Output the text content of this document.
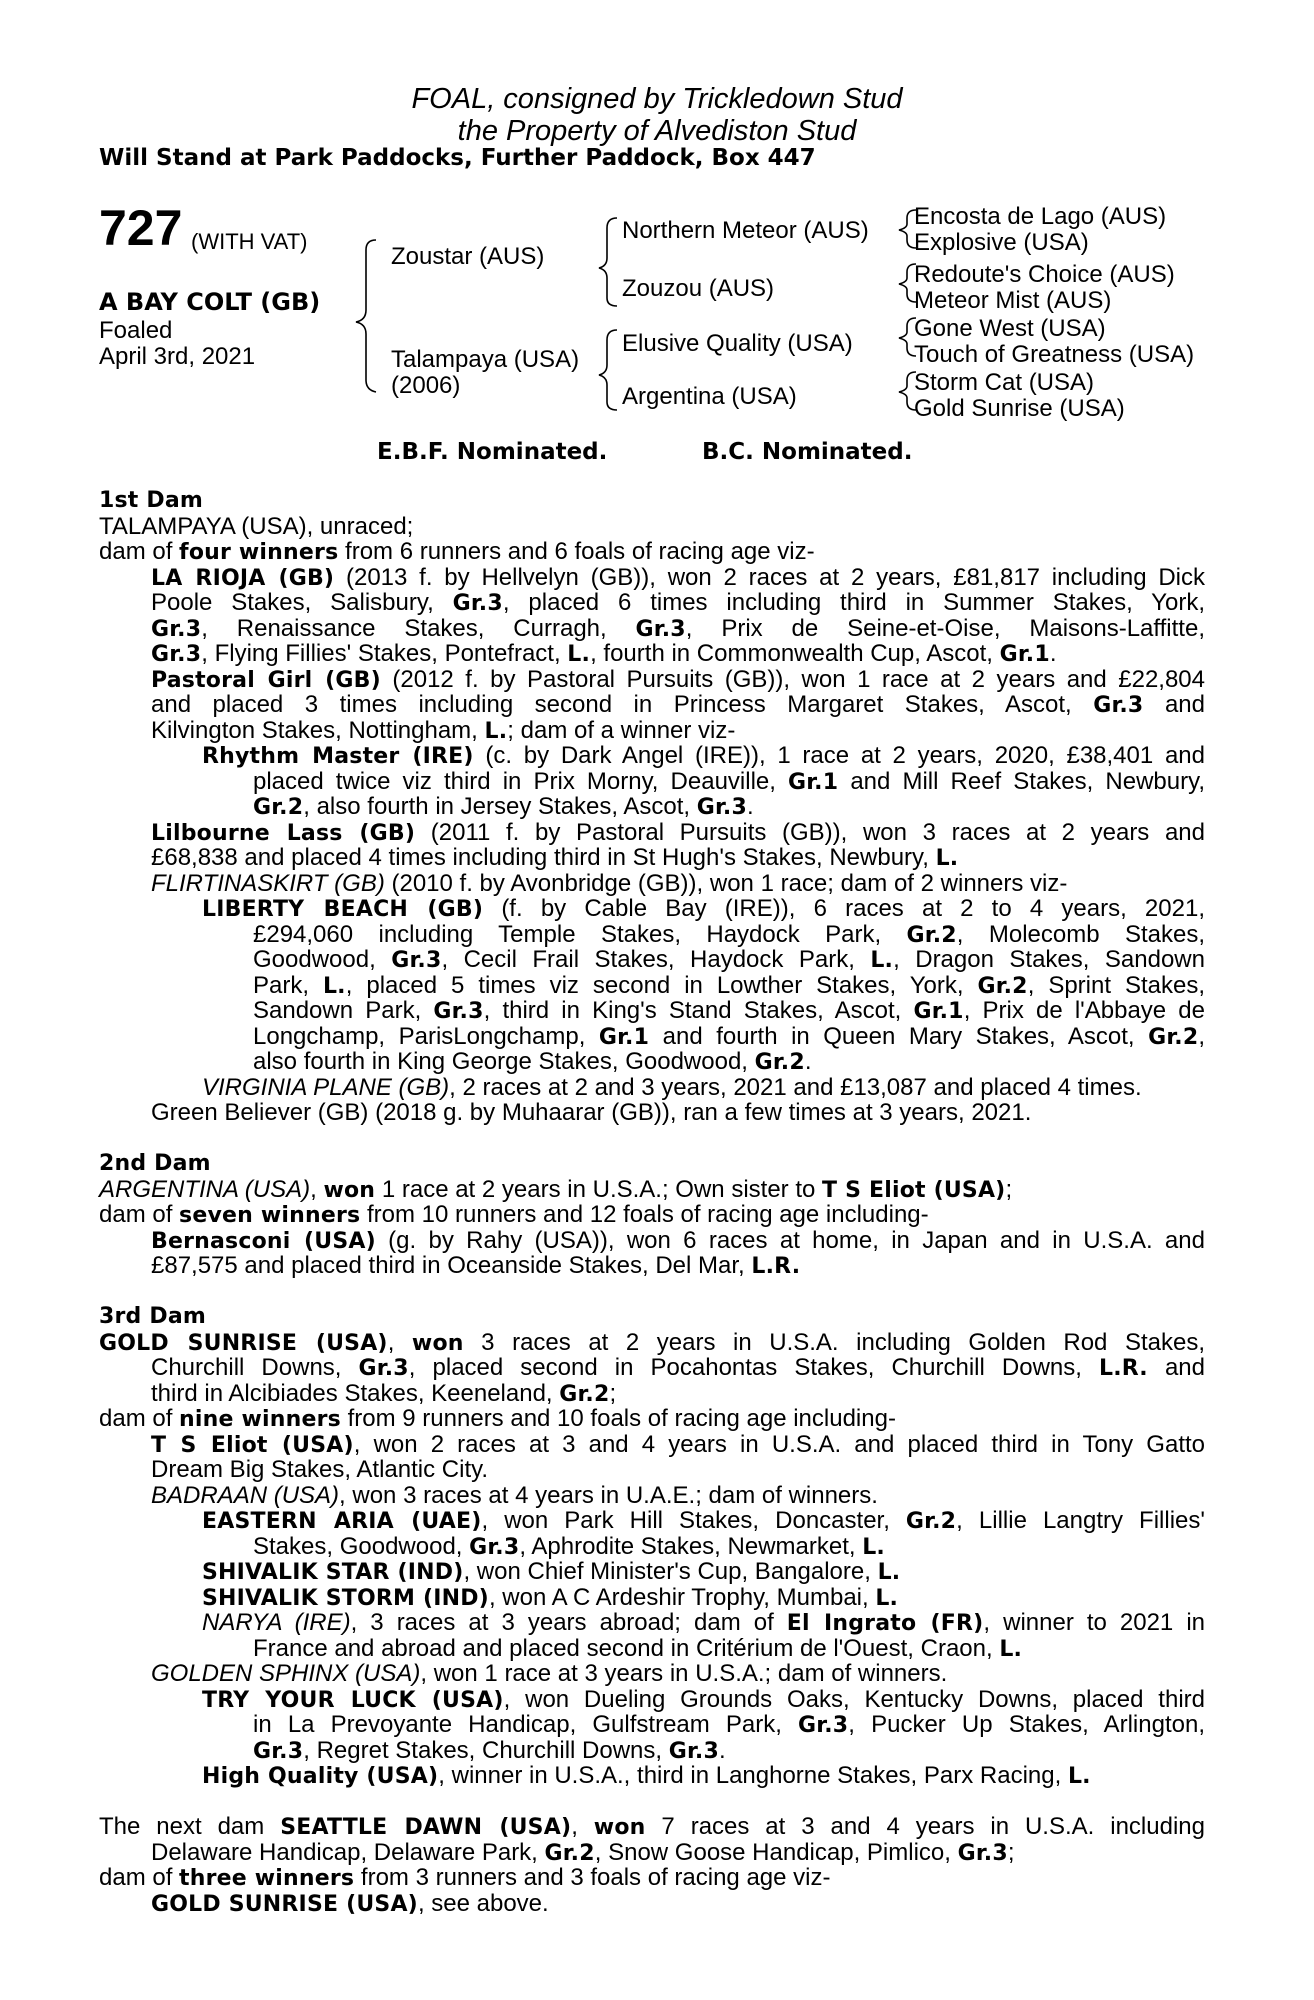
FOAL, consigned by Trickledown Stud
the Property of Alvediston Stud
Will Stand at Park Paddocks, Further Paddock, Box 447
727 (WITH VAT)
A BAY COLT (GB)
Foaled
April 3rd, 2021
Zoustar (AUS)
Talampaya (USA)
(2006)
Northern Meteor (AUS)
Zouzou (AUS)
Elusive Quality (USA)
Argentina (USA)
Encosta de Lago (AUS)
Explosive (USA)
Redoute's Choice (AUS)
Meteor Mist (AUS)
Gone West (USA)
Touch of Greatness (USA)
Storm Cat (USA)
Gold Sunrise (USA)
E.B.F. Nominated.	B.C. Nominated.
1st Dam
TALAMPAYA (USA), unraced;
dam of four winners from 6 runners and 6 foals of racing age viz-
LA RIOJA (GB) (2013 f. by Hellvelyn (GB)), won 2 races at 2 years, £81,817 including Dick
Poole Stakes, Salisbury, Gr.3, placed 6 times including third in Summer Stakes, York,
Gr.3, Renaissance Stakes, Curragh, Gr.3, Prix de Seine-et-Oise, Maisons-Laffitte,
Gr.3, Flying Fillies' Stakes, Pontefract, L., fourth in Commonwealth Cup, Ascot, Gr.1.
Pastoral Girl (GB) (2012 f. by Pastoral Pursuits (GB)), won 1 race at 2 years and £22,804
and placed 3 times including second in Princess Margaret Stakes, Ascot, Gr.3 and
Kilvington Stakes, Nottingham, L.; dam of a winner viz-
Rhythm Master (IRE) (c. by Dark Angel (IRE)), 1 race at 2 years, 2020, £38,401 and
placed twice viz third in Prix Morny, Deauville, Gr.1 and Mill Reef Stakes, Newbury,
Gr.2, also fourth in Jersey Stakes, Ascot, Gr.3.
Lilbourne Lass (GB) (2011 f. by Pastoral Pursuits (GB)), won 3 races at 2 years and
£68,838 and placed 4 times including third in St Hugh's Stakes, Newbury, L.
FLIRTINASKIRT (GB) (2010 f. by Avonbridge (GB)), won 1 race; dam of 2 winners viz-
LIBERTY BEACH (GB) (f. by Cable Bay (IRE)), 6 races at 2 to 4 years, 2021,
£294,060 including Temple Stakes, Haydock Park, Gr.2, Molecomb Stakes,
Goodwood, Gr.3, Cecil Frail Stakes, Haydock Park, L., Dragon Stakes, Sandown
Park, L., placed 5 times viz second in Lowther Stakes, York, Gr.2, Sprint Stakes,
Sandown Park, Gr.3, third in King's Stand Stakes, Ascot, Gr.1, Prix de l'Abbaye de
Longchamp, ParisLongchamp, Gr.1 and fourth in Queen Mary Stakes, Ascot, Gr.2,
also fourth in King George Stakes, Goodwood, Gr.2.
VIRGINIA PLANE (GB), 2 races at 2 and 3 years, 2021 and £13,087 and placed 4 times.
Green Believer (GB) (2018 g. by Muhaarar (GB)), ran a few times at 3 years, 2021.
2nd Dam
ARGENTINA (USA), won 1 race at 2 years in U.S.A.; Own sister to T S Eliot (USA);
dam of seven winners from 10 runners and 12 foals of racing age including-
Bernasconi (USA) (g. by Rahy (USA)), won 6 races at home, in Japan and in U.S.A. and
£87,575 and placed third in Oceanside Stakes, Del Mar, L.R.
3rd Dam
GOLD SUNRISE (USA), won 3 races at 2 years in U.S.A. including Golden Rod Stakes,
Churchill Downs, Gr.3, placed second in Pocahontas Stakes, Churchill Downs, L.R. and
third in Alcibiades Stakes, Keeneland, Gr.2;
dam of nine winners from 9 runners and 10 foals of racing age including-
T S Eliot (USA), won 2 races at 3 and 4 years in U.S.A. and placed third in Tony Gatto
Dream Big Stakes, Atlantic City.
BADRAAN (USA), won 3 races at 4 years in U.A.E.; dam of winners.
EASTERN ARIA (UAE), won Park Hill Stakes, Doncaster, Gr.2, Lillie Langtry Fillies'
Stakes, Goodwood, Gr.3, Aphrodite Stakes, Newmarket, L.
SHIVALIK STAR (IND), won Chief Minister's Cup, Bangalore, L.
SHIVALIK STORM (IND), won A C Ardeshir Trophy, Mumbai, L.
NARYA (IRE), 3 races at 3 years abroad; dam of El Ingrato (FR), winner to 2021 in
France and abroad and placed second in Critérium de l'Ouest, Craon, L.
GOLDEN SPHINX (USA), won 1 race at 3 years in U.S.A.; dam of winners.
TRY YOUR LUCK (USA), won Dueling Grounds Oaks, Kentucky Downs, placed third
in La Prevoyante Handicap, Gulfstream Park, Gr.3, Pucker Up Stakes, Arlington,
Gr.3, Regret Stakes, Churchill Downs, Gr.3.
High Quality (USA), winner in U.S.A., third in Langhorne Stakes, Parx Racing, L.
The next dam SEATTLE DAWN (USA), won 7 races at 3 and 4 years in U.S.A. including
Delaware Handicap, Delaware Park, Gr.2, Snow Goose Handicap, Pimlico, Gr.3;
dam of three winners from 3 runners and 3 foals of racing age viz-
GOLD SUNRISE (USA), see above.
